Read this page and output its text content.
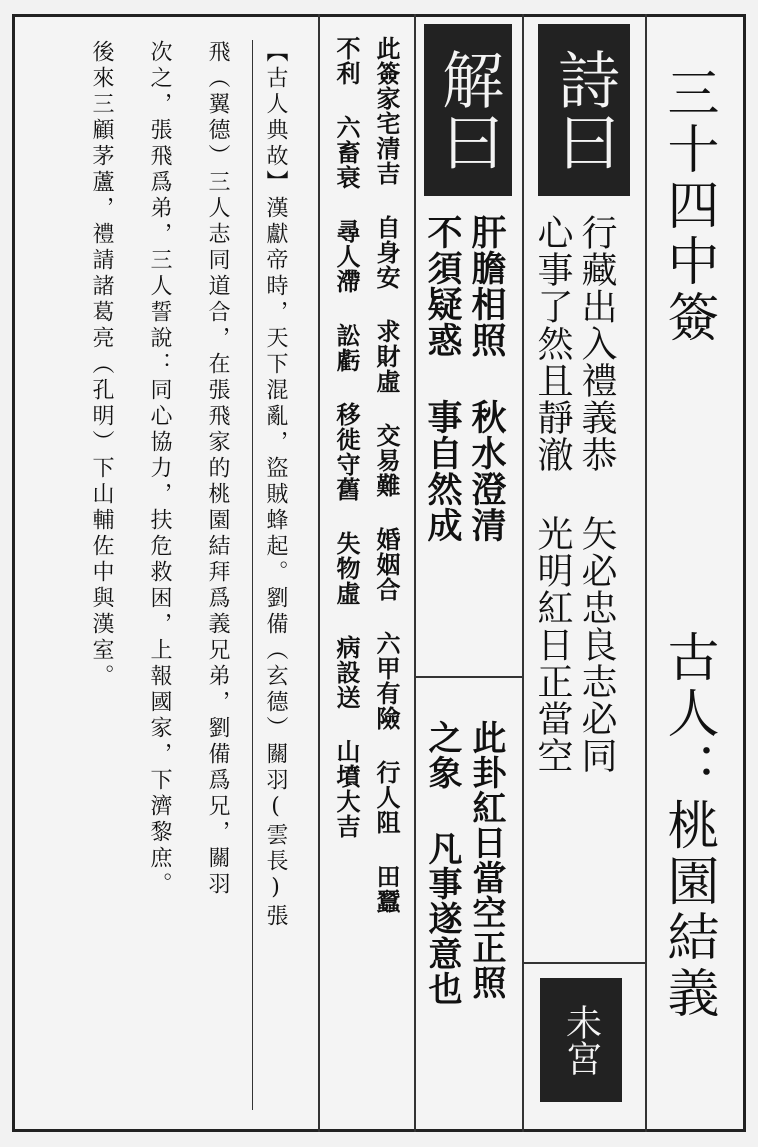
三十四中簽
古人：桃園結義
詩曰
行藏出入禮義恭 矢必忠良志必同
心事了然且靜澈 光明紅日正當空
未宮
解曰
肝膽相照 秋水澄清
不須疑惑 事自然成
此卦紅日當空正照
之象 凡事遂意也
此簽家宅清吉 自身安 求財虛 交易難 婚姻合 六甲有險 行人阻 田蠶
不利 六畜衰 尋人滯 訟虧 移徙守舊 失物虛 病設送 山墳大吉
【古人典故】漢獻帝時，天下混亂，盜賊蜂起。劉備（玄德）關羽(雲長)張
飛（翼德）三人志同道合，在張飛家的桃園結拜爲義兄弟，劉備爲兄，關羽
次之，張飛爲弟，三人誓說：同心協力，扶危救困，上報國家，下濟黎庶。
後來三顧茅蘆，禮請諸葛亮（孔明）下山輔佐中與漢室。
